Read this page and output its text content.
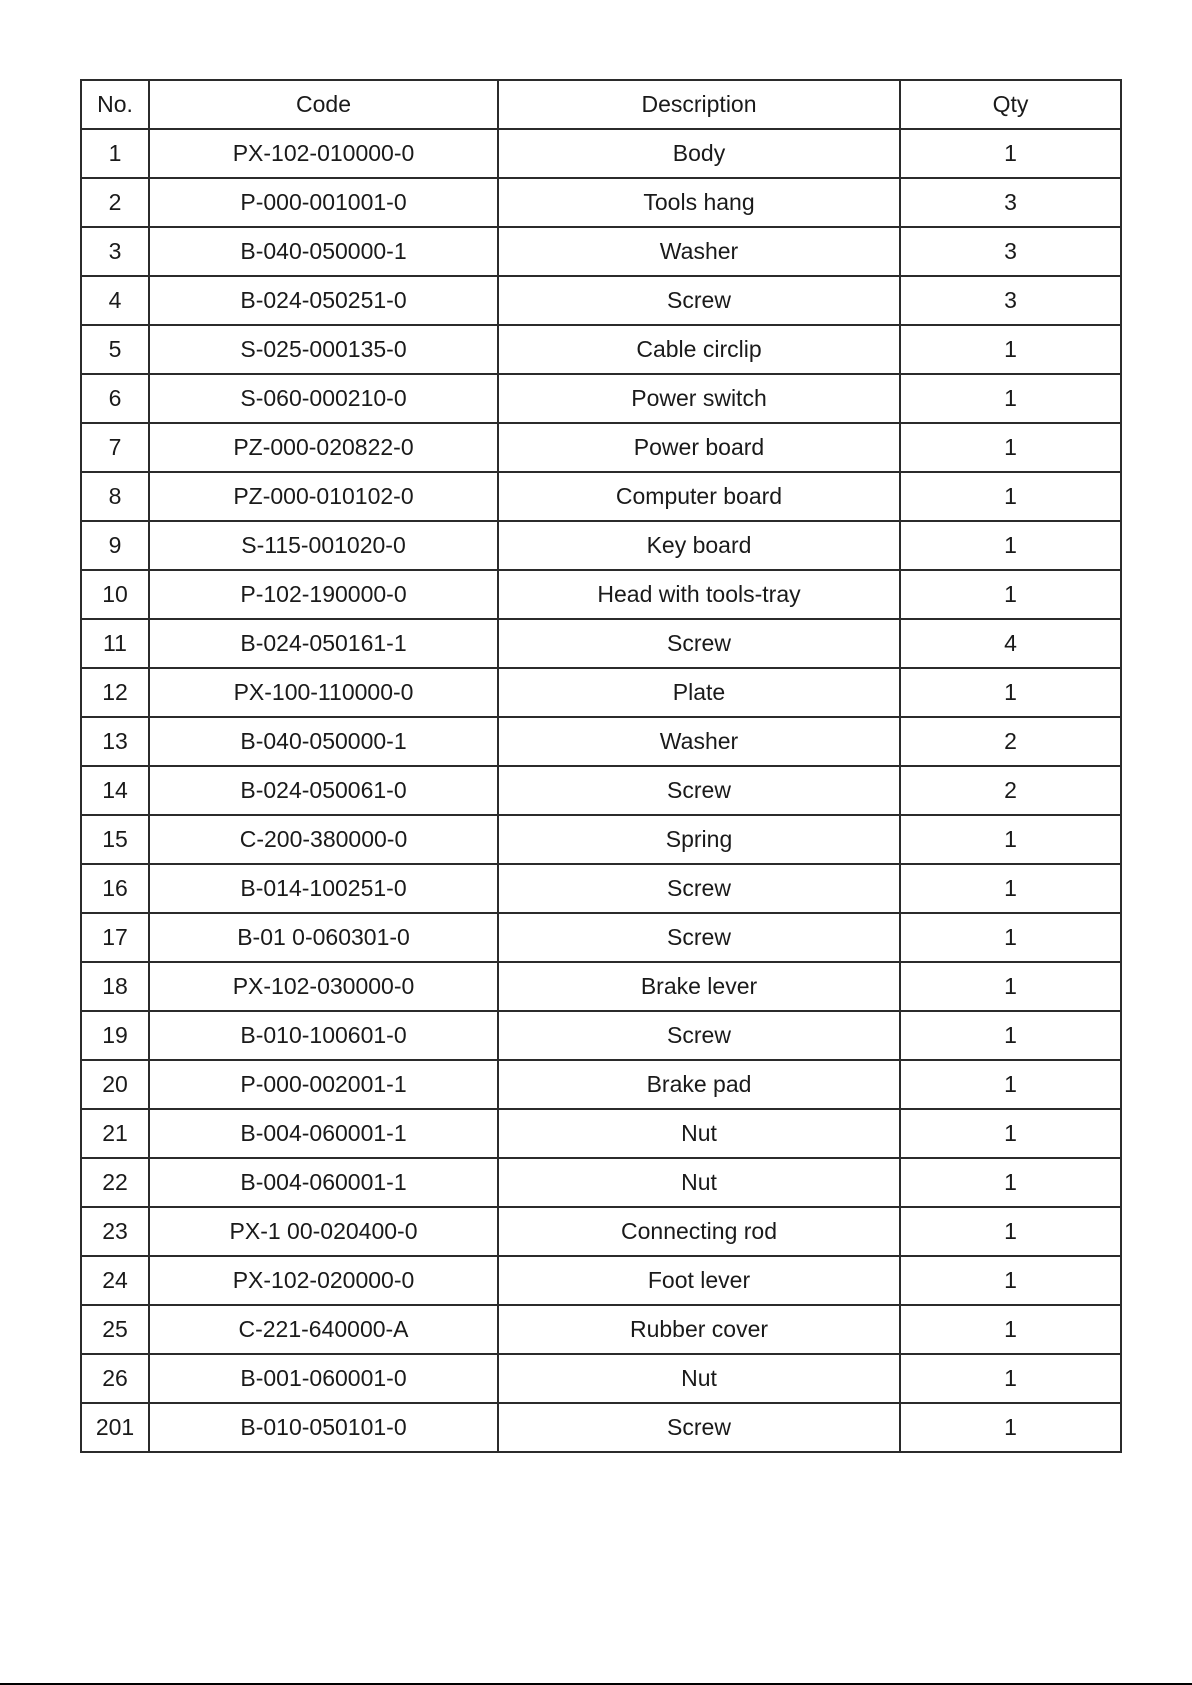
No.	Code	Description	Qty
1	PX-102-010000-0	Body	1
2	P-000-001001-0	Tools hang	3
3	B-040-050000-1	Washer	3
4	B-024-050251-0	Screw	3
5	S-025-000135-0	Cable circlip	1
6	S-060-000210-0	Power switch	1
7	PZ-000-020822-0	Power board	1
8	PZ-000-010102-0	Computer board	1
9	S-115-001020-0	Key board	1
10	P-102-190000-0	Head with tools-tray	1
11	B-024-050161-1	Screw	4
12	PX-100-110000-0	Plate	1
13	B-040-050000-1	Washer	2
14	B-024-050061-0	Screw	2
15	C-200-380000-0	Spring	1
16	B-014-100251-0	Screw	1
17	B-01 0-060301-0	Screw	1
18	PX-102-030000-0	Brake lever	1
19	B-010-100601-0	Screw	1
20	P-000-002001-1	Brake pad	1
21	B-004-060001-1	Nut	1
22	B-004-060001-1	Nut	1
23	PX-1 00-020400-0	Connecting rod	1
24	PX-102-020000-0	Foot lever	1
25	C-221-640000-A	Rubber cover	1
26	B-001-060001-0	Nut	1
201	B-010-050101-0	Screw	1
